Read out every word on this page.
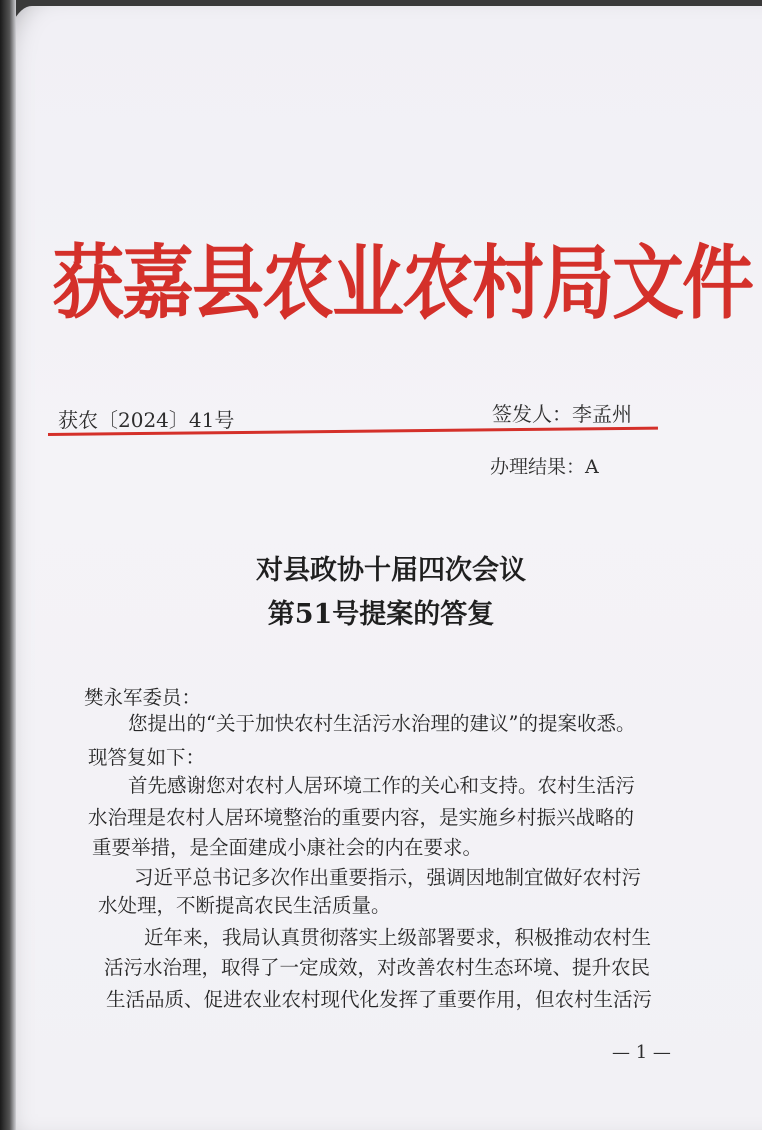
获嘉县农业农村局文件
获农〔2024〕41号	签发人：李孟州
办理结果：A
对县政协十届四次会议
第51号提案的答复
樊永军委员：
您提出的“关于加快农村生活污水治理的建议”的提案收悉。
现答复如下：
首先感谢您对农村人居环境工作的关心和支持。农村生活污
水治理是农村人居环境整治的重要内容，是实施乡村振兴战略的
重要举措，是全面建成小康社会的内在要求。
习近平总书记多次作出重要指示，强调因地制宜做好农村污
水处理，不断提高农民生活质量。
近年来，我局认真贯彻落实上级部署要求，积极推动农村生
活污水治理，取得了一定成效，对改善农村生态环境、提升农民
生活品质、促进农业农村现代化发挥了重要作用，但农村生活污
— 1 —
